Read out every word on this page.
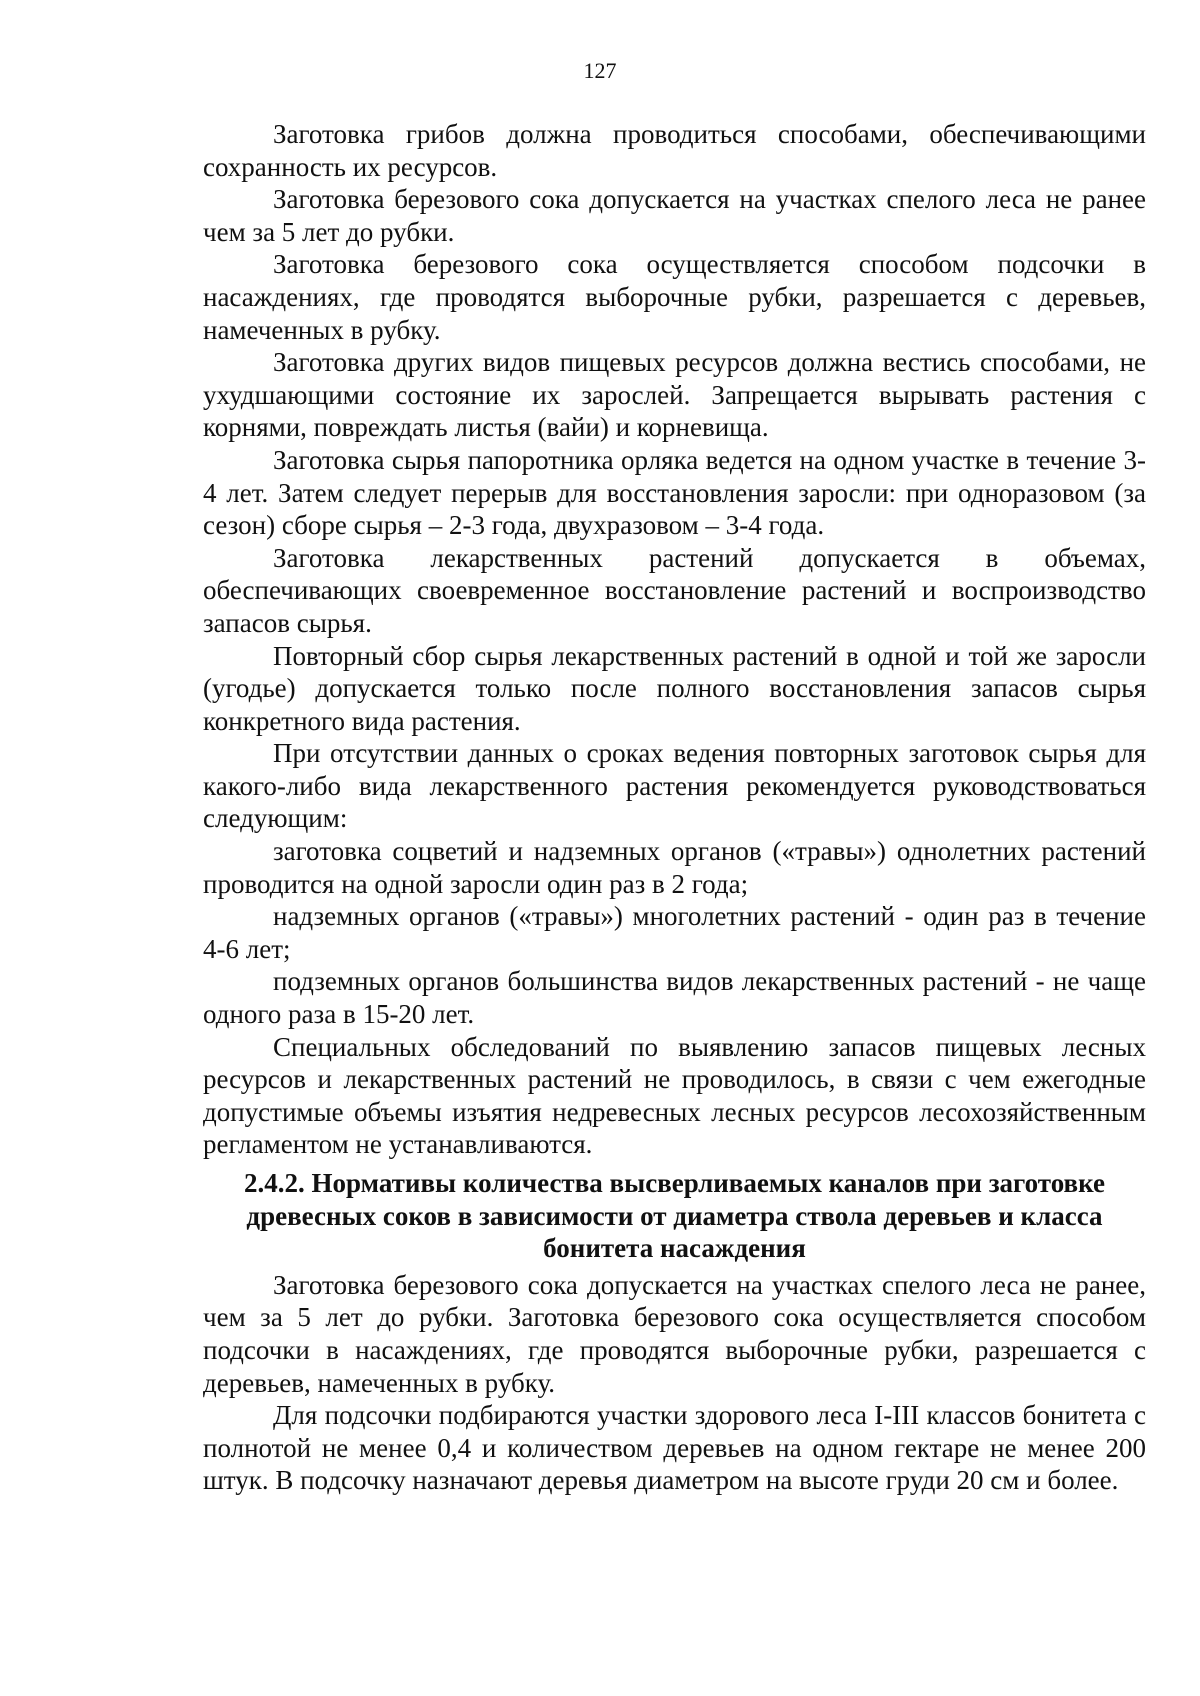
127

Заготовка грибов должна проводиться способами, обеспечивающими сохранность их ресурсов.

Заготовка березового сока допускается на участках спелого леса не ранее чем за 5 лет до рубки.

Заготовка березового сока осуществляется способом подсочки в насаждениях, где проводятся выборочные рубки, разрешается с деревьев, намеченных в рубку.

Заготовка других видов пищевых ресурсов должна вестись способами, не ухудшающими состояние их зарослей. Запрещается вырывать растения с корнями, повреждать листья (вайи) и корневища.

Заготовка сырья папоротника орляка ведется на одном участке в течение 3-4 лет. Затем следует перерыв для восстановления заросли: при одноразовом (за сезон) сборе сырья – 2-3 года, двухразовом – 3-4 года.

Заготовка лекарственных растений допускается в объемах, обеспечивающих своевременное восстановление растений и воспроизводство запасов сырья.

Повторный сбор сырья лекарственных растений в одной и той же заросли (угодье) допускается только после полного восстановления запасов сырья конкретного вида растения.

При отсутствии данных о сроках ведения повторных заготовок сырья для какого-либо вида лекарственного растения рекомендуется руководствоваться следующим:

заготовка соцветий и надземных органов («травы») однолетних растений проводится на одной заросли один раз в 2 года;

надземных органов («травы») многолетних растений - один раз в течение 4-6 лет;

подземных органов большинства видов лекарственных растений - не чаще одного раза в 15-20 лет.

Специальных обследований по выявлению запасов пищевых лесных ресурсов и лекарственных растений не проводилось, в связи с чем ежегодные допустимые объемы изъятия недревесных лесных ресурсов лесохозяйственным регламентом не устанавливаются.

2.4.2. Нормативы количества высверливаемых каналов при заготовке древесных соков в зависимости от диаметра ствола деревьев и класса бонитета насаждения

Заготовка березового сока допускается на участках спелого леса не ранее, чем за 5 лет до рубки. Заготовка березового сока осуществляется способом подсочки в насаждениях, где проводятся выборочные рубки, разрешается с деревьев, намеченных в рубку.

Для подсочки подбираются участки здорового леса I-III классов бонитета с полнотой не менее 0,4 и количеством деревьев на одном гектаре не менее 200 штук. В подсочку назначают деревья диаметром на высоте груди 20 см и более.
